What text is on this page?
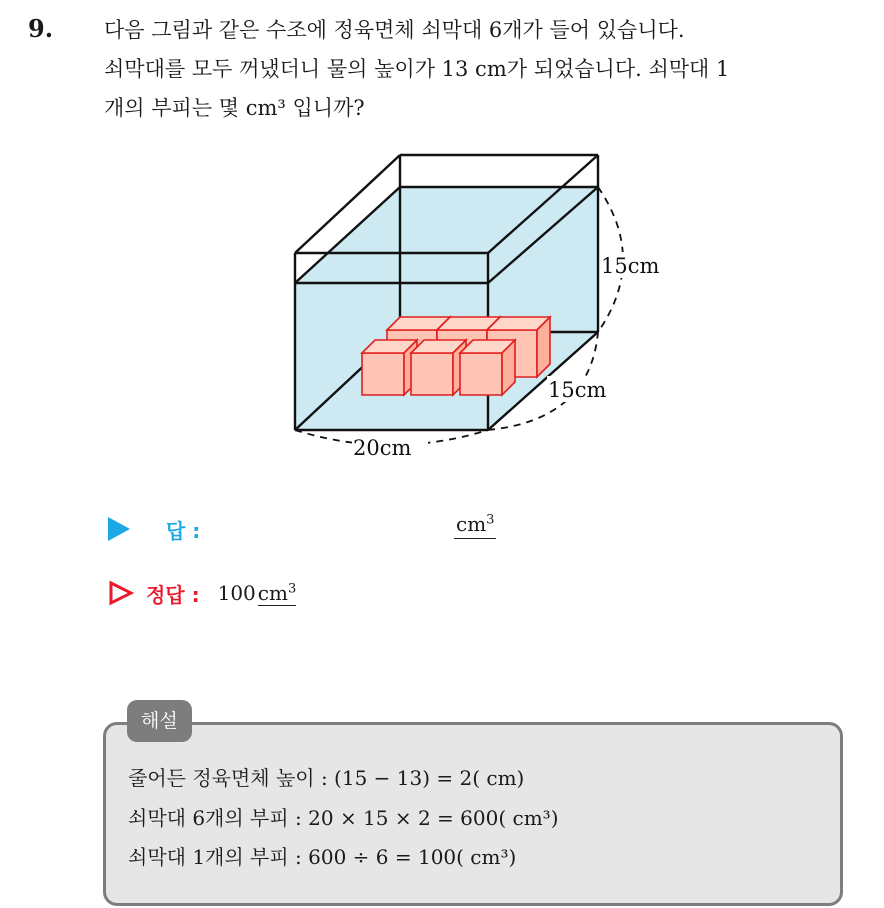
9. 다음 그림과 같은 수조에 정육면체 쇠막대 6개가 들어 있습니다.
쇠막대를 모두 꺼냈더니 물의 높이가 13 cm가 되었습니다. 쇠막대 1
개의 부피는 몇 cm³ 입니까?
15cm
15cm
20cm
답 :	$cm^3$
정답 : 100 $cm^3$
해설
줄어든 정육면체 높이 : (15 − 13) = 2( cm)
쇠막대 6개의 부피 : 20 × 15 × 2 = 600( cm³)
쇠막대 1개의 부피 : 600 ÷ 6 = 100( cm³)
